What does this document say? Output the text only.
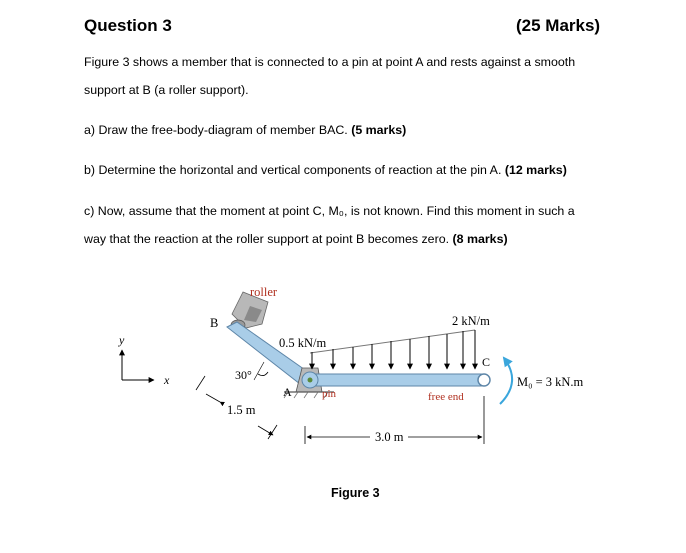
Question 3	(25 Marks)
Figure 3 shows a member that is connected to a pin at point A and rests against a smooth
support at B (a roller support).
a) Draw the free-body-diagram of member BAC. (5 marks)
b) Determine the horizontal and vertical components of reaction at the pin A. (12 marks)
c) Now, assume that the moment at point C, M₀, is not known. Find this moment in such a
way that the reaction at the roller support at point B becomes zero. (8 marks)
y
x
roller
B
A	pin
0.5 kN/m
2 kN/m
C
M₀ = 3 kN.m
free end
30°
1.5 m
3.0 m
Figure 3
